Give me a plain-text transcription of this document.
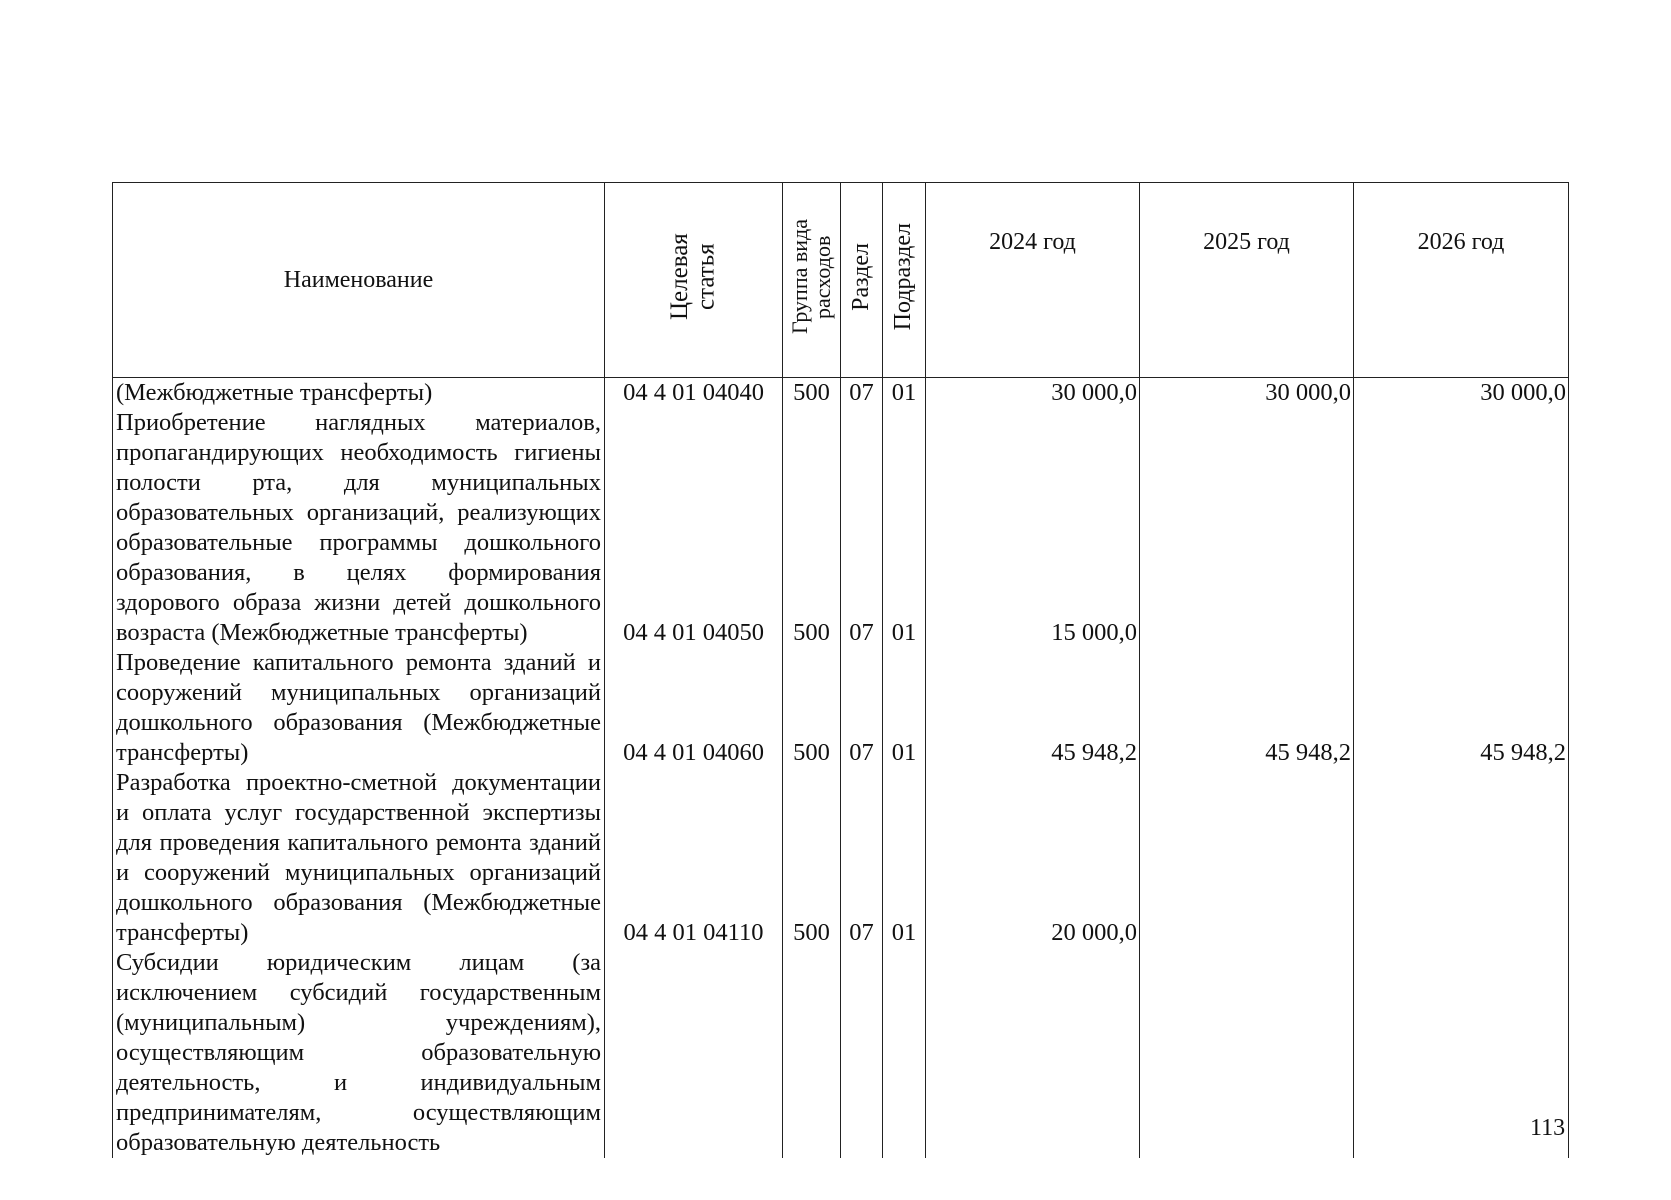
Наименование	Целевая статья	Группа вида расходов	Раздел	Подраздел	2024 год	2025 год	2026 год
(Межбюджетные трансферты)	04 4 01 04040	500	07	01	30 000,0	30 000,0	30 000,0
Приобретение наглядных материалов, пропагандирующих необходимость гигиены полости рта, для муниципальных образовательных организаций, реализующих образовательные программы дошкольного образования, в целях формирования здорового образа жизни детей дошкольного возраста (Межбюджетные трансферты)	04 4 01 04050	500	07	01	15 000,0		
Проведение капитального ремонта зданий и сооружений муниципальных организаций дошкольного образования (Межбюджетные трансферты)	04 4 01 04060	500	07	01	45 948,2	45 948,2	45 948,2
Разработка проектно-сметной документации и оплата услуг государственной экспертизы для проведения капитального ремонта зданий и сооружений муниципальных организаций дошкольного образования (Межбюджетные трансферты)	04 4 01 04110	500	07	01	20 000,0		
Субсидии юридическим лицам (за исключением субсидий государственным (муниципальным) учреждениям), осуществляющим образовательную деятельность, и индивидуальным предпринимателям, осуществляющим образовательную деятельность							
113
